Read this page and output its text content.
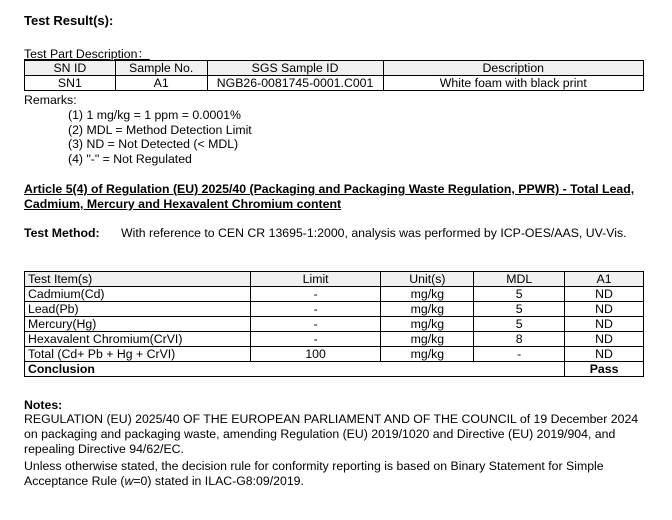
Test Result(s):
Test Part Description：
SN ID	Sample No.	SGS Sample ID	Description
SN1	A1	NGB26-0081745-0001.C001	White foam with black print
Remarks:
(1) 1 mg/kg = 1 ppm = 0.0001%
(2) MDL = Method Detection Limit
(3) ND = Not Detected (< MDL)
(4) "-" = Not Regulated
Article 5(4) of Regulation (EU) 2025/40 (Packaging and Packaging Waste Regulation, PPWR) - Total Lead, Cadmium, Mercury and Hexavalent Chromium content
Test Method: With reference to CEN CR 13695-1:2000, analysis was performed by ICP-OES/AAS, UV-Vis.
Test Item(s)	Limit	Unit(s)	MDL	A1
Cadmium(Cd)	-	mg/kg	5	ND
Lead(Pb)	-	mg/kg	5	ND
Mercury(Hg)	-	mg/kg	5	ND
Hexavalent Chromium(CrVI)	-	mg/kg	8	ND
Total (Cd+ Pb + Hg + CrVI)	100	mg/kg	-	ND
Conclusion				Pass
Notes:

REGULATION (EU) 2025/40 OF THE EUROPEAN PARLIAMENT AND OF THE COUNCIL of 19 December 2024 on packaging and packaging waste, amending Regulation (EU) 2019/1020 and Directive (EU) 2019/904, and repealing Directive 94/62/EC.

Unless otherwise stated, the decision rule for conformity reporting is based on Binary Statement for Simple Acceptance Rule (w=0) stated in ILAC-G8:09/2019.
